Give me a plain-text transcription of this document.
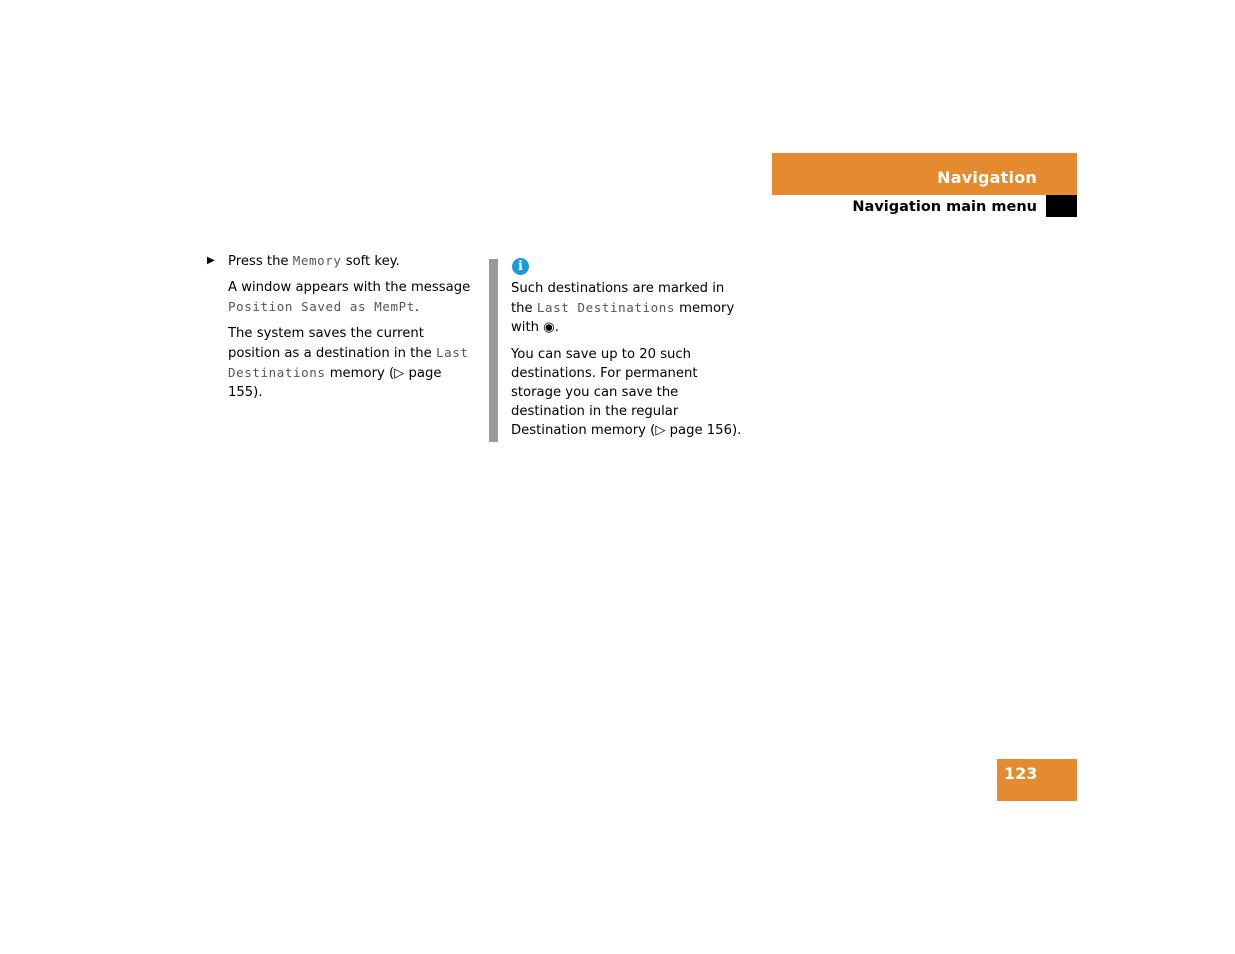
Navigation
Navigation main menu

▶ Press the Memory soft key.

A window appears with the message Position Saved as MemPt.

The system saves the current position as a destination in the Last Destinations memory (▷ page 155).

i

Such destinations are marked in the Last Destinations memory with ◉.

You can save up to 20 such destinations. For permanent storage you can save the destination in the regular Destination memory (▷ page 156).

123
